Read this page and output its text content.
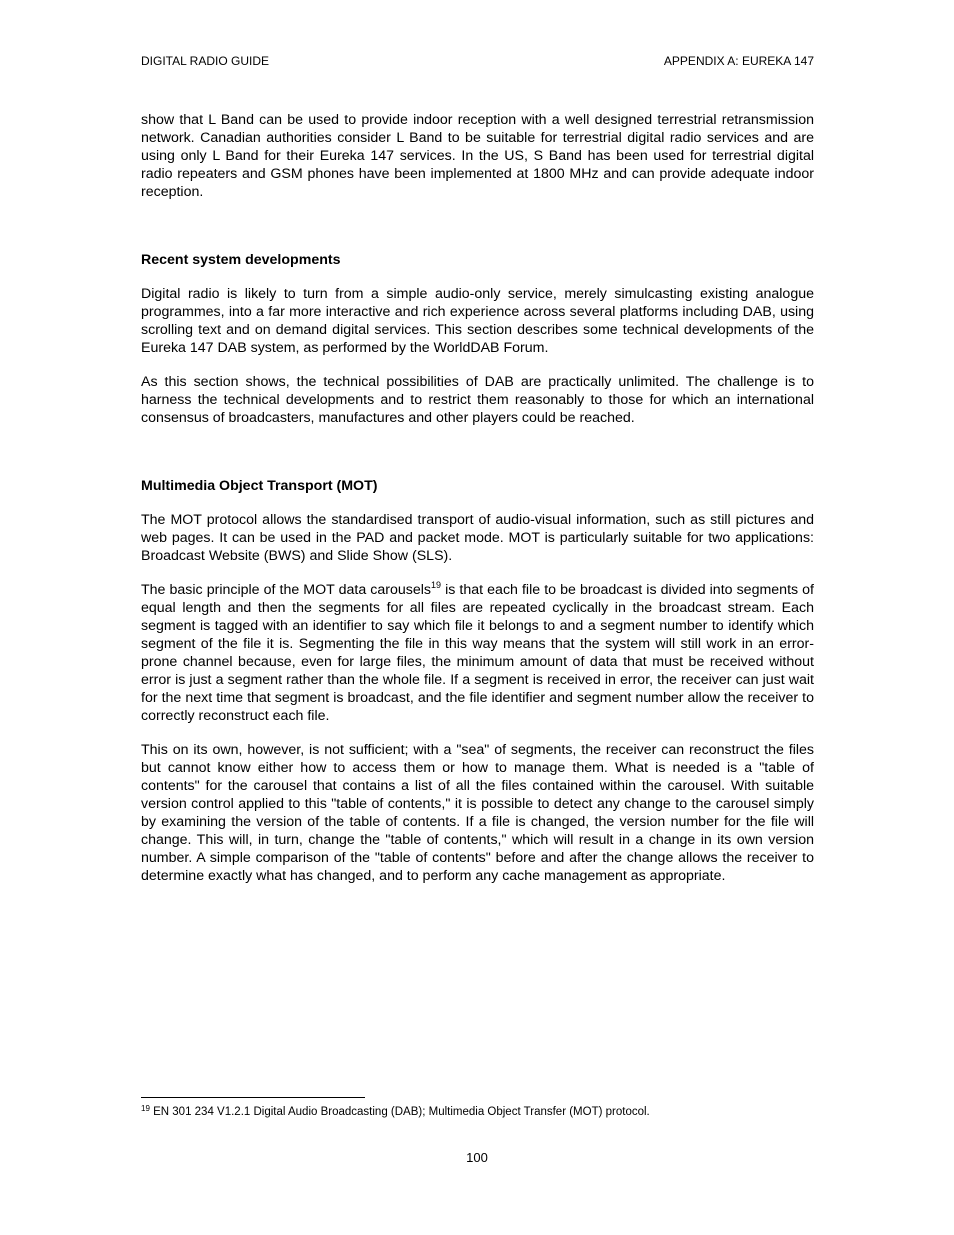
DIGITAL RADIO GUIDE	APPENDIX A: EUREKA 147

show that L Band can be used to provide indoor reception with a well designed terrestrial retransmission network. Canadian authorities consider L Band to be suitable for terrestrial digital radio services and are using only L Band for their Eureka 147 services. In the US, S Band has been used for terrestrial digital radio repeaters and GSM phones have been implemented at 1800 MHz and can provide adequate indoor reception.

Recent system developments

Digital radio is likely to turn from a simple audio-only service, merely simulcasting existing analogue programmes, into a far more interactive and rich experience across several platforms including DAB, using scrolling text and on demand digital services. This section describes some technical developments of the Eureka 147 DAB system, as performed by the WorldDAB Forum.

As this section shows, the technical possibilities of DAB are practically unlimited. The challenge is to harness the technical developments and to restrict them reasonably to those for which an international consensus of broadcasters, manufactures and other players could be reached.

Multimedia Object Transport (MOT)

The MOT protocol allows the standardised transport of audio-visual information, such as still pictures and web pages. It can be used in the PAD and packet mode. MOT is particularly suitable for two applications: Broadcast Website (BWS) and Slide Show (SLS).

The basic principle of the MOT data carousels$^{19}$ is that each file to be broadcast is divided into segments of equal length and then the segments for all files are repeated cyclically in the broadcast stream. Each segment is tagged with an identifier to say which file it belongs to and a segment number to identify which segment of the file it is. Segmenting the file in this way means that the system will still work in an error-prone channel because, even for large files, the minimum amount of data that must be received without error is just a segment rather than the whole file. If a segment is received in error, the receiver can just wait for the next time that segment is broadcast, and the file identifier and segment number allow the receiver to correctly reconstruct each file.

This on its own, however, is not sufficient; with a "sea" of segments, the receiver can reconstruct the files but cannot know either how to access them or how to manage them. What is needed is a "table of contents" for the carousel that contains a list of all the files contained within the carousel. With suitable version control applied to this "table of contents," it is possible to detect any change to the carousel simply by examining the version of the table of contents. If a file is changed, the version number for the file will change. This will, in turn, change the "table of contents," which will result in a change in its own version number. A simple comparison of the "table of contents" before and after the change allows the receiver to determine exactly what has changed, and to perform any cache management as appropriate.

$^{19}$ EN 301 234 V1.2.1 Digital Audio Broadcasting (DAB); Multimedia Object Transfer (MOT) protocol.
100
